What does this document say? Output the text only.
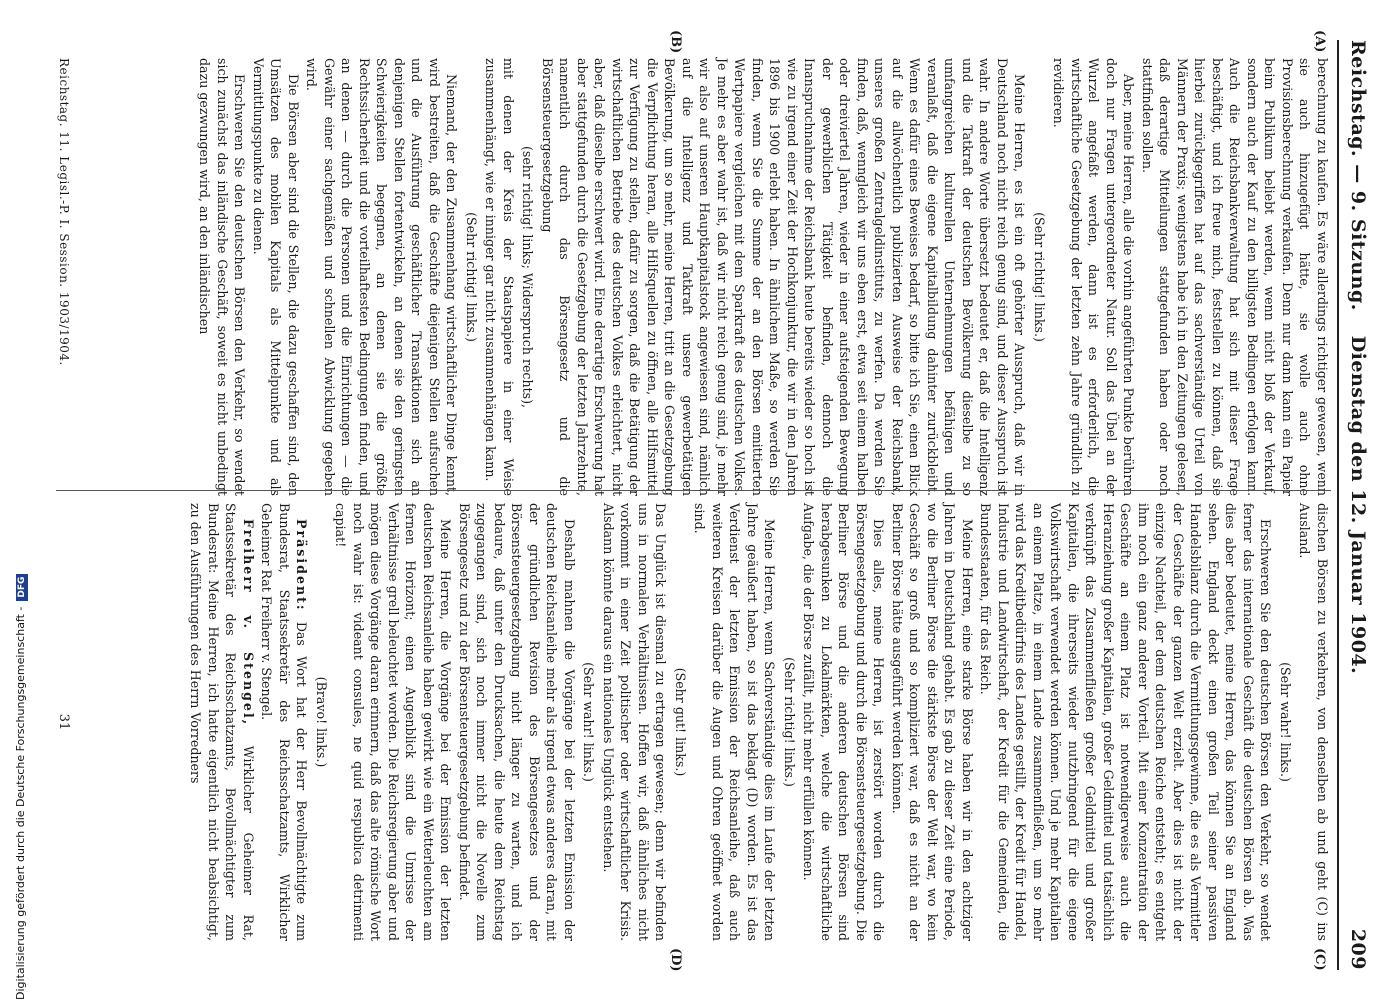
Reichstag. — 9. Sitzung.
Dienstag den 12. Januar 1904.
209
(A)
(B)
(C)
(D)

berechnung zu kaufen. Es wäre allerdings richtiger gewesen, wenn sie auch hinzugefügt hätte, sie wolle auch ohne Provisionsberechnung verkaufen. Denn nur dann kann ein Papier beim Publikum beliebt werden, wenn nicht bloß der Verkauf, sondern auch der Kauf zu den billigsten Bedingen erfolgen kann. Auch die Reichsbankverwaltung hat sich mit dieser Frage beschäftigt, und ich freue mich, feststellen zu können, daß sie hierbei zurückgegriffen hat auf das sachverständige Urteil von Männern der Praxis; wenigstens habe ich in den Zeitungen gelesen, daß derartige Mitteilungen stattgefunden haben oder noch stattfinden sollen.

Aber, meine Herren, alle die vorhin angeführten Punkte berühren doch nur Fragen untergeordneter Natur. Soll das Übel an der Wurzel angefaßt werden, dann ist es erforderlich, die wirtschaftliche Gesetzgebung der letzten zehn Jahre gründlich zu revidieren.

(Sehr richtig! links.)

Meine Herren, es ist ein oft gehörter Ausspruch, daß wir in Deutschland noch nicht reich genug sind, und dieser Ausspruch ist wahr. In andere Worte übersetzt bedeutet er, daß die Intelligenz und die Tatkraft der deutschen Bevölkerung dieselbe zu so umfangreichen kulturellen Unternehmungen befähigen und veranlaßt, daß die eigene Kapitalbildung dahinter zurückbleibt. Wenn es dafür eines Beweises bedarf, so bitte ich Sie, einen Blick auf die allwöchentlich publizierten Ausweise der Reichsbank, unseres großen Zentralgeldinstituts, zu werfen. Da werden Sie finden, daß, wenngleich wir uns eben erst, etwa seit einem halben oder dreiviertel Jahren, wieder in einer aufsteigenden Bewegung der gewerblichen Tätigkeit befinden, dennoch die Inanspruchnahme der Reichsbank heute bereits wieder so hoch ist wie zu irgend einer Zeit der Hochkonjunktur, die wir in den Jahren 1896 bis 1900 erlebt haben. In ähnlichem Maße, so werden Sie finden, wenn Sie die Summe der an den Börsen emittierten Wertpapiere vergleichen mit dem Sparkraft des deutschen Volkes. Je mehr es aber wahr ist, daß wir nicht reich genug sind, je mehr wir also auf unseren Hauptkapitalstock angewiesen sind, nämlich auf die Intelligenz und Tatkraft unsere gewerbetätigen Bevölkerung, um so mehr, meine Herren, tritt an die Gesetzgebung die Verpflichtung heran, alle Hilfsquellen zu öffnen, alle Hilfsmittel zur Verfügung zu stellen, dafür zu sorgen, daß die Betätigung der wirtschaftlichen Betriebe des deutschen Volkes erleichtert, nicht aber, daß dieselbe erschwert wird. Eine derartige Erschwerung hat aber stattgefunden durch die Gesetzgebung der letzten Jahrzehnte, namentlich durch das Börsengesetz und die Börsensteuergesetzgebung

(sehr richtig! links; Widerspruch rechts),

mit denen der Kreis der Staatspapiere in einer Weise zusammenhängt, wie er inniger gar nicht zusammenhängen kann.

(Sehr richtig! links.)

Niemand, der den Zusammenhang wirtschaftlicher Dinge kennt, wird bestreiten, daß die Geschäfte diejenigen Stellen aufsuchen und die Ausführung geschäftlicher Transaktionen sich an denjenigen Stellen fortentwickeln, an denen sie den geringsten Schwierigkeiten begegnen, an denen sie die größte Rechtssicherheit und die vorteilhaftesten Bedingungen finden, und an denen — durch die Personen und die Einrichtungen — die Gewähr einer sachgemäßen und schnellen Abwicklung gegeben wird.

Die Börsen aber sind die Stellen, die dazu geschaffen sind, den Umsätzen des mobilen Kapitals als Mittelpunkte und als Vermittlungspunkte zu dienen.

Erschweren Sie den deutschen Börsen den Verkehr, so wendet sich zunächst das inländische Geschäft, soweit es nicht unbedingt dazu gezwungen wird, an den inländischen

dischen Börsen zu verkehren, von denselben ab und geht (C) ins Ausland.

(Sehr wahr! links.)

Erschweren Sie den deutschen Börsen den Verkehr, so wendet ferner das internationale Geschäft die deutschen Börsen ab. Was dies aber bedeutet, meine Herren, das können Sie an England sehen. England deckt einen großen Teil seiner passiven Handelsbilanz durch die Vermittlungsgewinne, die es als Vermittler der Geschäfte der ganzen Welt erzielt. Aber dies ist nicht der einzige Nachteil, der dem deutschen Reiche entsteht; es entgeht ihm noch ein ganz anderer Vorteil. Mit einer Konzentration der Geschäfte an einem Platz ist notwendigerweise auch die Heranziehung großer Kapitalien, großer Geldmittel und tatsächlich verknüpft das Zusammenfließen großer Geldmittel und großer Kapitalien, die ihrerseits wieder nutzbringend für die eigene Volkswirtschaft verwendet werden können. Und je mehr Kapitalien an einem Platze, in einem Lande zusammenfließen, um so mehr wird das Kreditbedürfnis des Landes gestillt, der Kredit für Handel, Industrie und Landwirtschaft, der Kredit für die Gemeinden, die Bundesstaaten, für das Reich.

Meine Herren, eine starke Börse haben wir in den achtziger Jahren in Deutschland gehabt. Es gab zu dieser Zeit eine Periode, wo die Berliner Börse die stärkste Börse der Welt war, wo kein Geschäft so groß und so kompliziert war, daß es nicht an der Berliner Börse hätte ausgeführt werden können.

Dies alles, meine Herren, ist zerstört worden durch die Börsengesetzgebung und durch die Börsensteuergesetzgebung. Die Berliner Börse und die anderen deutschen Börsen sind herabgesunken zu Lokalmärkten, welche die wirtschaftliche Aufgabe, die der Börse zufällt, nicht mehr erfüllen können.

(Sehr richtig! links.)

Meine Herren, wenn Sachverständige dies im Laufe der letzten Jahre geäußert haben, so ist das beklagt (D) worden. Es ist das Verdienst der letzten Emission der Reichsanleihe, daß auch weiteren Kreisen darüber die Augen und Ohren geöffnet worden sind.

(Sehr gut! links.)

Das Unglück ist diesmal zu ertragen gewesen; denn wir befinden uns in normalen Verhältnissen. Hoffen wir, daß ähnliches nicht vorkommt in einer Zeit politischer oder wirtschaftlicher Krisis. Alsdann könnte daraus ein nationales Unglück entstehen.

(Sehr wahr! links.)

Deshalb mahnen die Vorgänge bei der letzten Emission der deutschen Reichsanleihe mehr als irgend etwas anderes daran, mit der gründlichen Revision des Börsengesetzes und der Börsensteuergesetzgebung nicht länger zu warten, und ich bedaure, daß unter den Drucksachen, die heute dem Reichstag zugegangen sind, sich noch immer nicht die Novelle zum Börsengesetz und zu der Börsensteuergesetzgebung befindet.

Meine Herren, die Vorgänge bei der Emission der letzten deutschen Reichsanleihe haben gewirkt wie ein Wetterleuchten am fernen Horizont; einen Augenblick sind die Umrisse der Verhältnisse grell beleuchtet worden. Die Reichsregierung aber und mögen diese Vorgänge daran erinnern, daß das alte römische Wort noch wahr ist: videant consules, ne quid respublica detrimenti capiat!

(Bravo! links.)

Präsident: Das Wort hat der Herr Bevollmächtigte zum Bundesrat, Staatssekretär des Reichsschatzamts, Wirklicher Geheimer Rat Freiherr v. Stengel.

Freiherr v. Stengel, Wirklicher Geheimer Rat, Staatssekretär des Reichsschatzamts, Bevollmächtigter zum Bundesrat: Meine Herren, ich hatte eigentlich nicht beabsichtigt, zu den Ausführungen des Herrn Vorredners

Reichstag. 11. Legisl.-P. I. Session. 1903/1904.
31
Digitalisierung gefördert durch die Deutsche Forschungsgemeinschaft -DFG
